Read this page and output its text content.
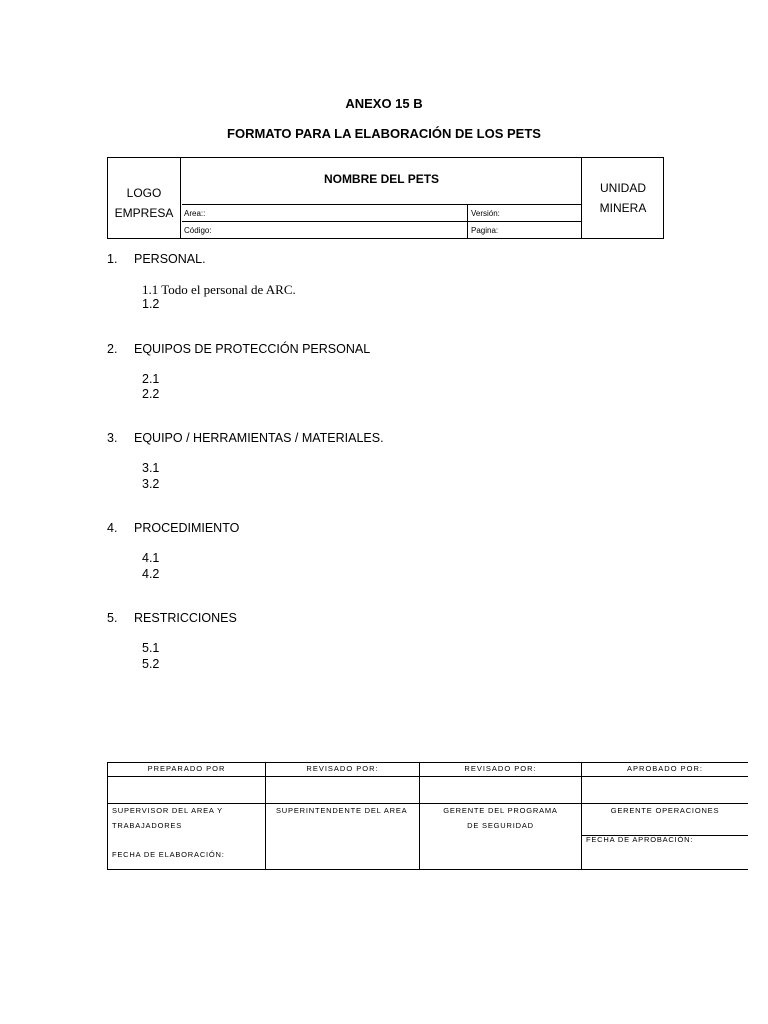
ANEXO 15 B
FORMATO PARA LA ELABORACIÓN DE LOS PETS
LOGO
EMPRESA
NOMBRE DEL PETS
Area::	Versión:
Código:	Pagina:
UNIDAD
MINERA
1. PERSONAL.
1.1 Todo el personal de ARC.
1.2
2. EQUIPOS DE PROTECCIÓN PERSONAL
2.1
2.2
3. EQUIPO / HERRAMIENTAS / MATERIALES.
3.1
3.2
4. PROCEDIMIENTO
4.1
4.2
5. RESTRICCIONES
5.1
5.2
PREPARADO POR
SUPERVISOR DEL AREA Y
TRABAJADORES
FECHA DE ELABORACIÓN:
REVISADO POR:
SUPERINTENDENTE DEL AREA
REVISADO POR:
GERENTE DEL PROGRAMA
DE SEGURIDAD
APROBADO POR:
GERENTE OPERACIONES
FECHA DE APROBACIÓN:
